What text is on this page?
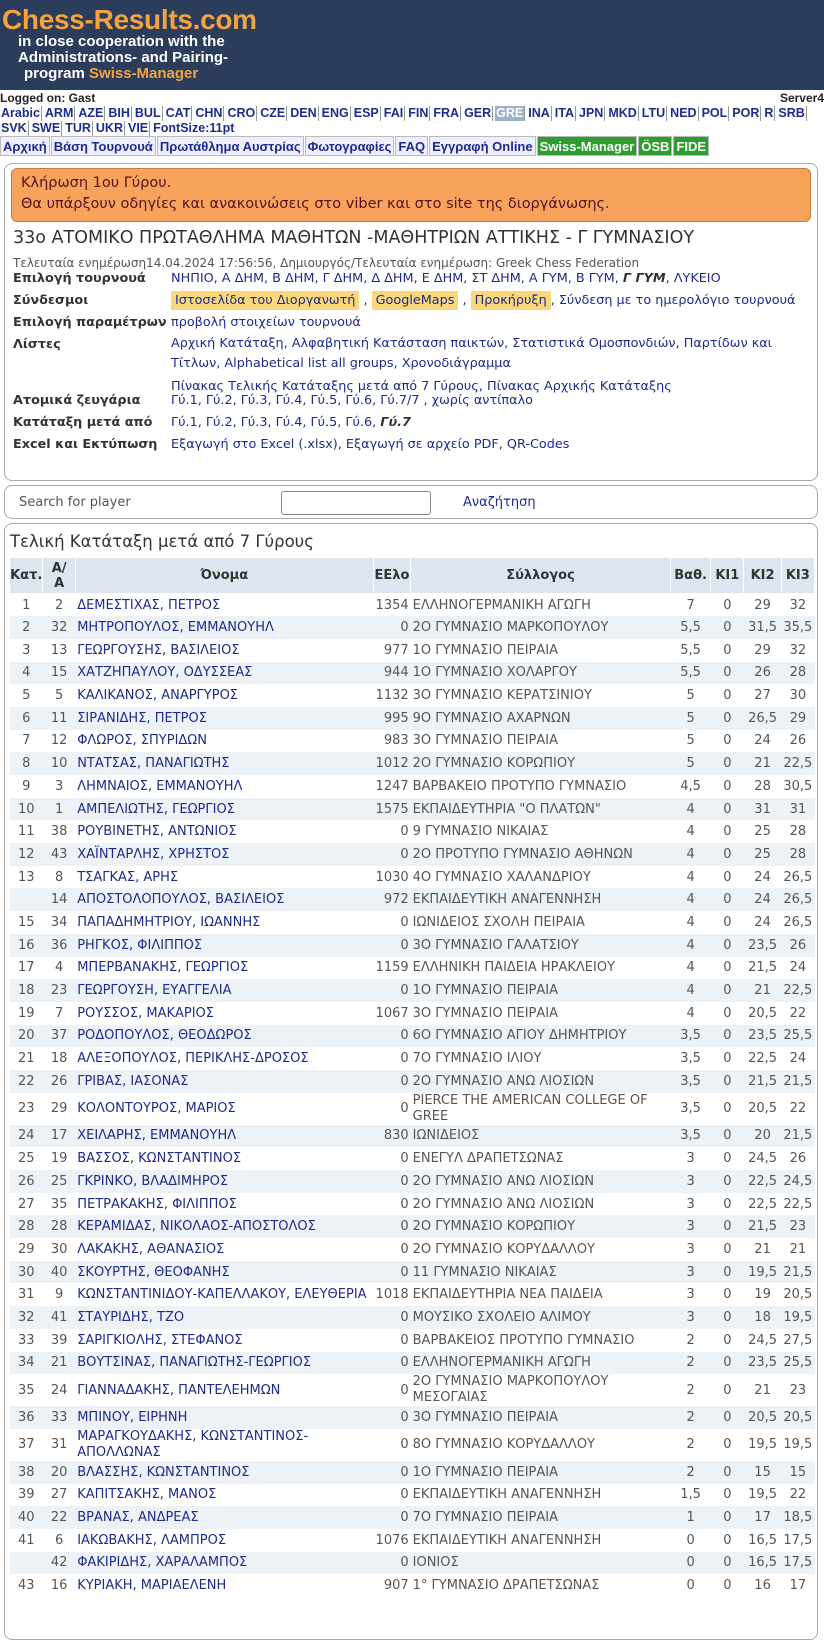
Chess-Results.com
in close cooperation with the
Administrations- and Pairing-
program Swiss-Manager
Logged on: Gast	Server4
Arabic ARM AZE BIH BUL CAT CHN CRO CZE DEN ENG ESP FAI FIN FRA GER GRE INA ITA JPN MKD LTU NED POL POR R SRBSVK SWE TUR UKR VIE FontSize:11pt
Αρχική Βάση Τουρνουά Πρωτάθλημα Αυστρίας Φωτογραφίες FAQ Εγγραφή Online Swiss-Manager ÖSB FIDE
Κλήρωση 1ου Γύρου.
Θα υπάρξουν οδηγίες και ανακοινώσεις στο viber και στο site της διοργάνωσης.
33ο ΑΤΟΜΙΚΟ ΠΡΩΤΑΘΛΗΜΑ ΜΑΘΗΤΩΝ -ΜΑΘΗΤΡΙΩΝ ΑΤΤΙΚΗΣ - Γ ΓΥΜΝΑΣΙΟΥ
Τελευταία ενημέρωση14.04.2024 17:56:56, Δημιουργός/Τελευταία ενημέρωση: Greek Chess Federation
Επιλογή τουρνουά ΝΗΠΙΟ, Α ΔΗΜ, Β ΔΗΜ, Γ ΔΗΜ, Δ ΔΗΜ, Ε ΔΗΜ, ΣΤ ΔΗΜ, Α ΓΥΜ, Β ΓΥΜ, Γ ΓΥΜ, ΛΥΚΕΙΟ
Σύνδεσμοι	Ιστοσελίδα του Διοργανωτή , GoogleMaps , Προκήρυξη , Σύνδεση με το ημερολόγιο τουρνουά
Επιλογή παραμέτρων προβολή στοιχείων τουρνουά
Λίστες	Αρχική Κατάταξη, Αλφαβητική Κατάσταση παικτών, Στατιστικά Ομοσπονδιών, Παρτίδων και
Τίτλων, Alphabetical list all groups, Χρονοδιάγραμμα
Πίνακας Τελικής Κατάταξης μετά από 7 Γύρους, Πίνακας Αρχικής Κατάταξης
Ατομικά ζευγάρια Γύ.1, Γύ.2, Γύ.3, Γύ.4, Γύ.5, Γύ.6, Γύ.7/7 , χωρίς αντίπαλο
Κατάταξη μετά από Γύ.1, Γύ.2, Γύ.3, Γύ.4, Γύ.5, Γύ.6, Γύ.7
Excel και Εκτύπωση Εξαγωγή στο Excel (.xlsx), Εξαγωγή σε αρχείο PDF, QR-Codes
Search for player	Αναζήτηση
Τελική Κατάταξη μετά από 7 Γύρους
Κατ.	Α/
Α	Όνομα	ΕΕλο	Σύλλογος	Βαθ.	ΚΙ1	ΚΙ2	ΚΙ3
1	2	ΔΕΜΕΣΤΙΧΑΣ, ΠΕΤΡΟΣ	1354	ΕΛΛΗΝΟΓΕΡΜΑΝΙΚΗ ΑΓΩΓΗ	7	0	29	32
2	32	ΜΗΤΡΟΠΟΥΛΟΣ, ΕΜΜΑΝΟΥΗΛ	0	2Ο ΓΥΜΝΑΣΙΟ ΜΑΡΚΟΠΟΥΛΟΥ	5,5	0	31,5	35,5
3	13	ΓΕΩΡΓΟΥΣΗΣ, ΒΑΣΙΛΕΙΟΣ	977	1Ο ΓΥΜΝΑΣΙΟ ΠΕΙΡΑΙΑ	5,5	0	29	32
4	15	ΧΑΤΖΗΠΑΥΛΟΥ, ΟΔΥΣΣΕΑΣ	944	1Ο ΓΥΜΝΑΣΙΟ ΧΟΛΑΡΓΟΥ	5,5	0	26	28
5	5	ΚΑΛΙΚΑΝΟΣ, ΑΝΑΡΓΥΡΟΣ	1132	3Ο ΓΥΜΝΑΣΙΟ ΚΕΡΑΤΣΙΝΙΟΥ	5	0	27	30
6	11	ΣΙΡΑΝΙΔΗΣ, ΠΕΤΡΟΣ	995	9Ο ΓΥΜΝΑΣΙΟ ΑΧΑΡΝΩΝ	5	0	26,5	29
7	12	ΦΛΩΡΟΣ, ΣΠΥΡΙΔΩΝ	983	3Ο ΓΥΜΝΑΣΙΟ ΠΕΙΡΑΙΑ	5	0	24	26
8	10	ΝΤΑΤΣΑΣ, ΠΑΝΑΓΙΩΤΗΣ	1012	2Ο ΓΥΜΝΑΣΙΟ ΚΟΡΩΠΙΟΥ	5	0	21	22,5
9	3	ΛΗΜΝΑΙΟΣ, ΕΜΜΑΝΟΥΗΛ	1247	ΒΑΡΒΑΚΕΙΟ ΠΡΟΤΥΠΟ ΓΥΜΝΑΣΙΟ	4,5	0	28	30,5
10	1	ΑΜΠΕΛΙΩΤΗΣ, ΓΕΩΡΓΙΟΣ	1575	ΕΚΠΑΙΔΕΥΤΗΡΙΑ "Ο ΠΛΑΤΩΝ"	4	0	31	31
11	38	ΡΟΥΒΙΝΕΤΗΣ, ΑΝΤΩΝΙΟΣ	0	9 ΓΥΜΝΑΣΙΟ ΝΙΚΑΙΑΣ	4	0	25	28
12	43	ΧΑΪΝΤΑΡΛΗΣ, ΧΡΗΣΤΟΣ	0	2Ο ΠΡΟΤΥΠΟ ΓΥΜΝΑΣΙΟ ΑΘΗΝΩΝ	4	0	25	28
13	8	ΤΣΑΓΚΑΣ, ΑΡΗΣ	1030	4Ο ΓΥΜΝΑΣΙΟ ΧΑΛΑΝΔΡΙΟΥ	4	0	24	26,5
	14	ΑΠΟΣΤΟΛΟΠΟΥΛΟΣ, ΒΑΣΙΛΕΙΟΣ	972	ΕΚΠΑΙΔΕΥΤΙΚΗ ΑΝΑΓΕΝΝΗΣΗ	4	0	24	26,5
15	34	ΠΑΠΑΔΗΜΗΤΡΙΟΥ, ΙΩΑΝΝΗΣ	0	ΙΩΝΙΔΕΙΟΣ ΣΧΟΛΗ ΠΕΙΡΑΙΑ	4	0	24	26,5
16	36	ΡΗΓΚΟΣ, ΦΙΛΙΠΠΟΣ	0	3Ο ΓΥΜΝΑΣΙΟ ΓΑΛΑΤΣΙΟΥ	4	0	23,5	26
17	4	ΜΠΕΡΒΑΝΑΚΗΣ, ΓΕΩΡΓΙΟΣ	1159	ΕΛΛΗΝΙΚΗ ΠΑΙΔΕΙΑ ΗΡΑΚΛΕΙΟΥ	4	0	21,5	24
18	23	ΓΕΩΡΓΟΥΣΗ, ΕΥΑΓΓΕΛΙΑ	0	1Ο ΓΥΜΝΑΣΙΟ ΠΕΙΡΑΙΑ	4	0	21	22,5
19	7	ΡΟΥΣΣΟΣ, ΜΑΚΑΡΙΟΣ	1067	3Ο ΓΥΜΝΑΣΙΟ ΠΕΙΡΑΙΑ	4	0	20,5	22
20	37	ΡΟΔΟΠΟΥΛΟΣ, ΘΕΟΔΩΡΟΣ	0	6Ο ΓΥΜΝΑΣΙΟ ΑΓΙΟΥ ΔΗΜΗΤΡΙΟΥ	3,5	0	23,5	25,5
21	18	ΑΛΕΞΟΠΟΥΛΟΣ, ΠΕΡΙΚΛΗΣ-ΔΡΟΣΟΣ	0	7Ο ΓΥΜΝΑΣΙΟ ΙΛΙΟΥ	3,5	0	22,5	24
22	26	ΓΡΙΒΑΣ, ΙΑΣΟΝΑΣ	0	2Ο ΓΥΜΝΑΣΙΟ ΑΝΩ ΛΙΟΣΙΩΝ	3,5	0	21,5	21,5
23	29	ΚΟΛΟΝΤΟΥΡΟΣ, ΜΑΡΙΟΣ	0	PIERCE THE AMERICAN COLLEGE OF GREE	3,5	0	20,5	22
24	17	ΧΕΙΛΑΡΗΣ, ΕΜΜΑΝΟΥΗΛ	830	ΙΩΝΙΔΕΙΟΣ	3,5	0	20	21,5
25	19	ΒΑΣΣΟΣ, ΚΩΝΣΤΑΝΤΙΝΟΣ	0	ΕΝΕΓΥΛ ΔΡΑΠΕΤΣΩΝΑΣ	3	0	24,5	26
26	25	ΓΚΡΙΝΚΟ, ΒΛΑΔΙΜΗΡΟΣ	0	2Ο ΓΥΜΝΑΣΙΟ ΑΝΩ ΛΙΟΣΙΩΝ	3	0	22,5	24,5
27	35	ΠΕΤΡΑΚΑΚΗΣ, ΦΙΛΙΠΠΟΣ	0	2Ο ΓΥΜΝΑΣΙΟ ΆΝΩ ΛΙΟΣΙΩΝ	3	0	22,5	22,5
28	28	ΚΕΡΑΜΙΔΑΣ, ΝΙΚΟΛΑΟΣ-ΑΠΟΣΤΟΛΟΣ	0	2Ο ΓΥΜΝΑΣΙΟ ΚΟΡΩΠΙΟΥ	3	0	21,5	23
29	30	ΛΑΚΑΚΗΣ, ΑΘΑΝΑΣΙΟΣ	0	2Ο ΓΥΜΝΑΣΙΟ ΚΟΡΥΔΑΛΛΟΥ	3	0	21	21
30	40	ΣΚΟΥΡΤΗΣ, ΘΕΟΦΑΝΗΣ	0	11 ΓΥΜΝΑΣΙΟ ΝΙΚΑΙΑΣ	3	0	19,5	21,5
31	9	ΚΩΝΣΤΑΝΤΙΝΙΔΟΥ-ΚΑΠΕΛΛΑΚΟΥ, ΕΛΕΥΘΕΡΙΑ	1018	ΕΚΠΑΙΔΕΥΤΗΡΙΑ ΝΕΑ ΠΑΙΔΕΙΑ	3	0	19	20,5
32	41	ΣΤΑΥΡΙΔΗΣ, ΤΖΟ	0	ΜΟΥΣΙΚΟ ΣΧΟΛΕΙΟ ΑΛΙΜΟΥ	3	0	18	19,5
33	39	ΣΑΡΙΓΚΙΟΛΗΣ, ΣΤΕΦΑΝΟΣ	0	ΒΑΡΒΑΚΕΙΟΣ ΠΡΟΤΥΠΟ ΓΥΜΝΑΣΙΟ	2	0	24,5	27,5
34	21	ΒΟΥΤΣΙΝΑΣ, ΠΑΝΑΓΙΩΤΗΣ-ΓΕΩΡΓΙΟΣ	0	ΕΛΛΗΝΟΓΕΡΜΑΝΙΚΗ ΑΓΩΓΗ	2	0	23,5	25,5
35	24	ΓΙΑΝΝΑΔΑΚΗΣ, ΠΑΝΤΕΛΕΗΜΩΝ	0	2Ο ΓΥΜΝΑΣΙΟ ΜΑΡΚΟΠΟΥΛΟΥ ΜΕΣΟΓΑΙΑΣ	2	0	21	23
36	33	ΜΠΙΝΟΥ, ΕΙΡΗΝΗ	0	3Ο ΓΥΜΝΑΣΙΟ ΠΕΙΡΑΙΑ	2	0	20,5	20,5
37	31	ΜΑΡΑΓΚΟΥΔΑΚΗΣ, ΚΩΝΣΤΑΝΤΙΝΟΣ-ΑΠΟΛΛΩΝΑΣ	0	8Ο ΓΥΜΝΑΣΙΟ ΚΟΡΥΔΑΛΛΟΥ	2	0	19,5	19,5
38	20	ΒΛΑΣΣΗΣ, ΚΩΝΣΤΑΝΤΙΝΟΣ	0	1Ο ΓΥΜΝΑΣΙΟ ΠΕΙΡΑΙΑ	2	0	15	15
39	27	ΚΑΠΙΤΣΑΚΗΣ, ΜΑΝΟΣ	0	ΕΚΠΑΙΔΕΥΤΙΚΗ ΑΝΑΓΕΝΝΗΣΗ	1,5	0	19,5	22
40	22	ΒΡΑΝΑΣ, ΑΝΔΡΕΑΣ	0	7Ο ΓΥΜΝΑΣΙΟ ΠΕΙΡΑΙΑ	1	0	17	18,5
41	6	ΙΑΚΩΒΑΚΗΣ, ΛΑΜΠΡΟΣ	1076	ΕΚΠΑΙΔΕΥΤΙΚΗ ΑΝΑΓΕΝΝΗΣΗ	0	0	16,5	17,5
	42	ΦΑΚΙΡΙΔΗΣ, ΧΑΡΑΛΑΜΠΟΣ	0	ΙΟΝΙΟΣ	0	0	16,5	17,5
43	16	ΚΥΡΙΑΚΗ, ΜΑΡΙΑΕΛΕΝΗ	907	1° ΓΥΜΝΑΣΙΟ ΔΡΑΠΕΤΣΩΝΑΣ	0	0	16	17
